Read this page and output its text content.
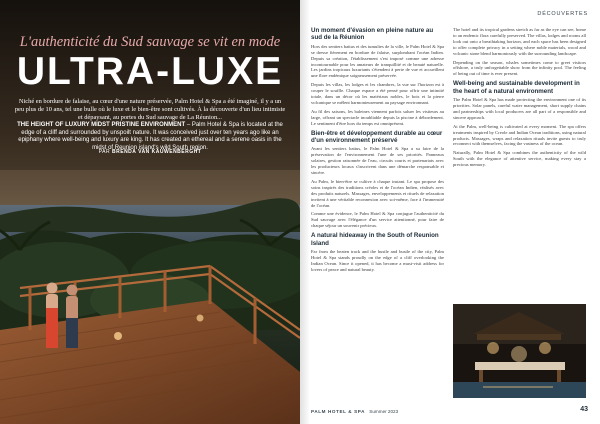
L'authenticité du Sud sauvage se vit en mode

ULTRA-LUXE

Niché en bordure de falaise, au cœur d'une nature préservée, Palm Hotel & Spa a été imaginé, il y a un peu plus de 10 ans, tel une bulle où le luxe et le bien-être sont cultivés. À la découverte d'un lieu intimiste et dépaysant, au portes du Sud sauvage de La Réunion...

THE HEIGHT OF LUXURY MIDST PRISTINE ENVIRONMENT – Palm Hotel & Spa is located at the edge of a cliff and surrounded by unspoilt nature. It was conceived just over ten years ago like an epiphany where well-being and luxury are king. It has created an ethereal and a serene oasis in the midst of Reunion island's wild South region.

PAR BRENDA VAN KAUWENBERGHT
DÉCOUVERTES
Un moment d'évasion en pleine nature au sud de la Réunion

Hors des sentiers battus et des tumultes de la ville, le Palm Hotel & Spa se dresse fièrement en bordure de falaise, surplombant l'océan Indien. Depuis sa création, l'établissement s'est imposé comme une adresse incontournable pour les amateurs de tranquillité et de beauté naturelle. Les jardins tropicaux luxuriants s'étendent à perte de vue et accueillent une flore endémique soigneusement préservée.

Depuis les villas, les lodges et les chambres, la vue sur l'horizon est à couper le souffle. Chaque espace a été pensé pour offrir une intimité totale, dans un décor où les matériaux nobles, le bois et la pierre volcanique se mêlent harmonieusement au paysage environnant.

Au fil des saisons, les baleines viennent parfois saluer les visiteurs au large, offrant un spectacle inoubliable depuis la piscine à débordement. Le sentiment d'être hors du temps est omniprésent.

Bien-être et développement durable au cœur d'un environnement préservé

Avant les sentiers battus, le Palm Hotel & Spa a su faire de la préservation de l'environnement l'une de ses priorités. Panneaux solaires, gestion raisonnée de l'eau, circuits courts et partenariats avec les producteurs locaux s'inscrivent dans une démarche responsable et sincère.

Au Palm, le bien-être se cultive à chaque instant. Le spa propose des soins inspirés des traditions créoles et de l'océan Indien, réalisés avec des produits naturels. Massages, enveloppements et rituels de relaxation invitent à une véritable reconnexion avec soi-même, face à l'immensité de l'océan.

Comme une évidence, le Palm Hotel & Spa conjugue l'authenticité du Sud sauvage avec l'élégance d'un service attentionné, pour faire de chaque séjour un souvenir précieux.

A natural hideaway in the South of Reunion Island

Far from the beaten track and the hustle and bustle of the city, Palm Hotel & Spa stands proudly on the edge of a cliff overlooking the Indian Ocean. Since it opened, it has become a must-visit address for lovers of peace and natural beauty.

The hotel and its tropical gardens stretch as far as the eye can see, home to an endemic flora carefully preserved. The villas, lodges and rooms all look out onto a breathtaking horizon, and each space has been designed to offer complete privacy in a setting where noble materials, wood and volcanic stone blend harmoniously with the surrounding landscape.

Depending on the season, whales sometimes come to greet visitors offshore, a truly unforgettable show from the infinity pool. The feeling of being out of time is ever present.

Well-being and sustainable development in the heart of a natural environment

The Palm Hotel & Spa has made protecting the environment one of its priorities. Solar panels, careful water management, short supply chains and partnerships with local producers are all part of a responsible and sincere approach.

At the Palm, well-being is cultivated at every moment. The spa offers treatments inspired by Creole and Indian Ocean traditions, using natural products. Massages, wraps and relaxation rituals invite guests to truly reconnect with themselves, facing the vastness of the ocean.

Naturally, Palm Hotel & Spa combines the authenticity of the wild South with the elegance of attentive service, making every stay a precious memory.

PALM HOTEL & SPA Summer 2023	43
